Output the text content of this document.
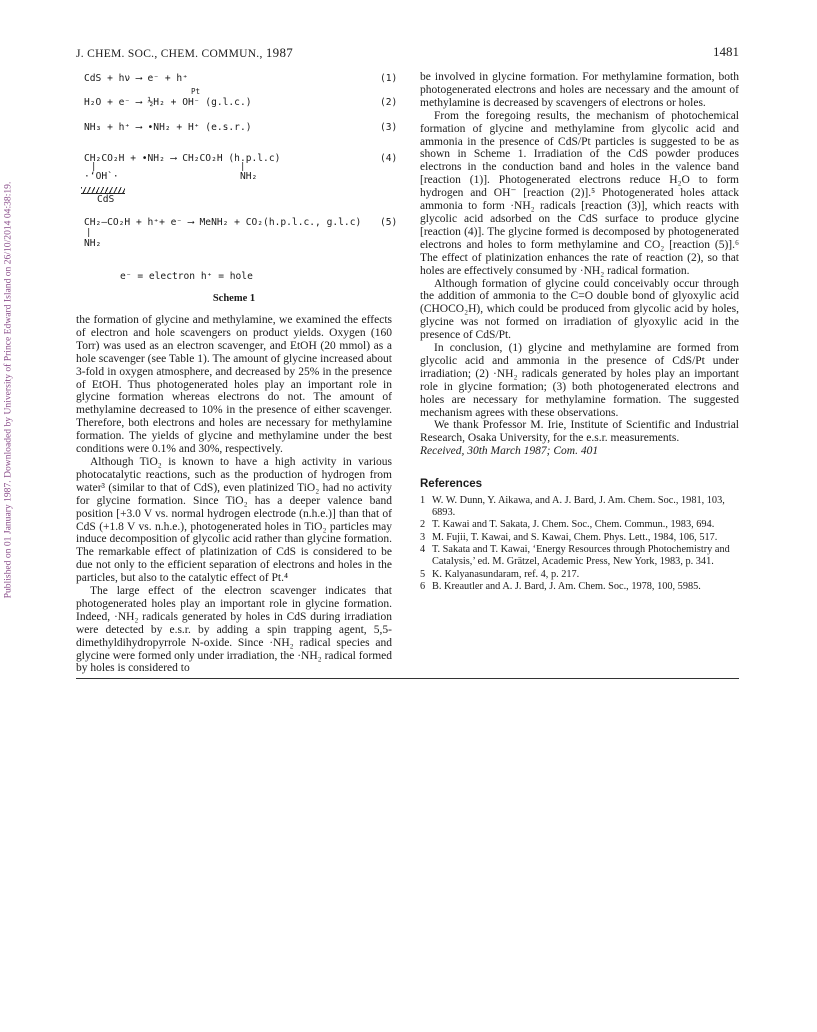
Published on 01 January 1987. Downloaded by University of Prince Edward Island on 26/10/2014 04:38:19.
J. CHEM. SOC., CHEM. COMMUN., 1987	1481
CdS + hν ⟶ e⁻ + h⁺	(1)
Pt
H₂O + e⁻ ⟶ ½H₂ + OH⁻ (g.l.c.)	(2)
NH₃ + h⁺ ⟶ •NH₂ + H⁺ (e.s.r.)	(3)
CH₂CO₂H + •NH₂ ⟶ CH₂CO₂H (h.p.l.c)	(4)
|
·‘OH`·
|
NH₂
CdS
CH₂—CO₂H + h⁺+ e⁻ ⟶ MeNH₂ + CO₂(h.p.l.c., g.l.c) (5)
|
NH₂
e⁻ = electron h⁺ = hole
Scheme 1

the formation of glycine and methylamine, we examined the effects of electron and hole scavengers on product yields. Oxygen (160 Torr) was used as an electron scavenger, and EtOH (20 mmol) as a hole scavenger (see Table 1). The amount of glycine increased about 3-fold in oxygen atmosphere, and decreased by 25% in the presence of EtOH. Thus photogenerated holes play an important role in glycine formation whereas electrons do not. The amount of methylamine decreased to 10% in the presence of either scavenger. Therefore, both electrons and holes are necessary for methylamine formation. The yields of glycine and methylamine under the best conditions were 0.1% and 30%, respectively.

Although TiO₂ is known to have a high activity in various photocatalytic reactions, such as the production of hydrogen from water³ (similar to that of CdS), even platinized TiO₂ had no activity for glycine formation. Since TiO₂ has a deeper valence band position [+3.0 V vs. normal hydrogen electrode (n.h.e.)] than that of CdS (+1.8 V vs. n.h.e.), photogenerated holes in TiO₂ particles may induce decomposition of glycolic acid rather than glycine formation. The remarkable effect of platinization of CdS is considered to be due not only to the efficient separation of electrons and holes in the particles, but also to the catalytic effect of Pt.⁴

The large effect of the electron scavenger indicates that photogenerated holes play an important role in glycine formation. Indeed, ·NH₂ radicals generated by holes in CdS during irradiation were detected by e.s.r. by adding a spin trapping agent, 5,5-dimethyldihydropyrrole N-oxide. Since ·NH₂ radical species and glycine were formed only under irradiation, the ·NH₂ radical formed by holes is considered to

be involved in glycine formation. For methylamine formation, both photogenerated electrons and holes are necessary and the amount of methylamine is decreased by scavengers of electrons or holes.

From the foregoing results, the mechanism of photochemical formation of glycine and methylamine from glycolic acid and ammonia in the presence of CdS/Pt particles is suggested to be as shown in Scheme 1. Irradiation of the CdS powder produces electrons in the conduction band and holes in the valence band [reaction (1)]. Photogenerated electrons reduce H₂O to form hydrogen and OH⁻ [reaction (2)].⁵ Photogenerated holes attack ammonia to form ·NH₂ radicals [reaction (3)], which reacts with glycolic acid adsorbed on the CdS surface to produce glycine [reaction (4)]. The glycine formed is decomposed by photogenerated electrons and holes to form methylamine and CO₂ [reaction (5)].⁶ The effect of platinization enhances the rate of reaction (2), so that holes are effectively consumed by ·NH₂ radical formation.

Although formation of glycine could conceivably occur through the addition of ammonia to the C=O double bond of glyoxylic acid (CHOCO₂H), which could be produced from glycolic acid by holes, glycine was not formed on irradiation of glyoxylic acid in the presence of CdS/Pt.

In conclusion, (1) glycine and methylamine are formed from glycolic acid and ammonia in the presence of CdS/Pt under irradiation; (2) ·NH₂ radicals generated by holes play an important role in glycine formation; (3) both photogenerated electrons and holes are necessary for methylamine formation. The suggested mechanism agrees with these observations.

We thank Professor M. Irie, Institute of Scientific and Industrial Research, Osaka University, for the e.s.r. measurements.

Received, 30th March 1987; Com. 401

References
1 W. W. Dunn, Y. Aikawa, and A. J. Bard, J. Am. Chem. Soc., 1981, 103, 6893.
2 T. Kawai and T. Sakata, J. Chem. Soc., Chem. Commun., 1983, 694.
3 M. Fujii, T. Kawai, and S. Kawai, Chem. Phys. Lett., 1984, 106, 517.
4 T. Sakata and T. Kawai, ‘Energy Resources through Photochemistry and Catalysis,’ ed. M. Grätzel, Academic Press, New York, 1983, p. 341.
5 K. Kalyanasundaram, ref. 4, p. 217.
6 B. Kreautler and A. J. Bard, J. Am. Chem. Soc., 1978, 100, 5985.
